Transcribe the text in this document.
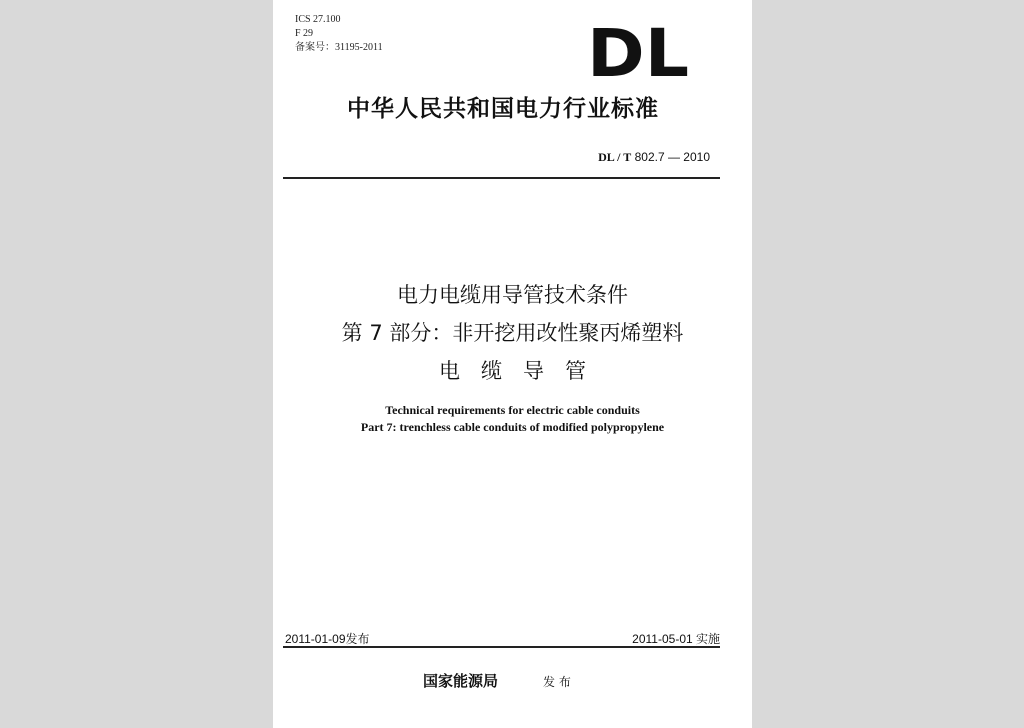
ICS 27.100
F 29
备案号：31195-2011	DL
中华人民共和国电力行业标准
DL / T 802.7 — 2010
电力电缆用导管技术条件
第 7 部分：非开挖用改性聚丙烯塑料
电　缆　导　管
Technical requirements for electric cable conduits
Part 7: trenchless cable conduits of modified polypropylene
2011-01-09发布	2011-05-01 实施
国家能源局	发 布
